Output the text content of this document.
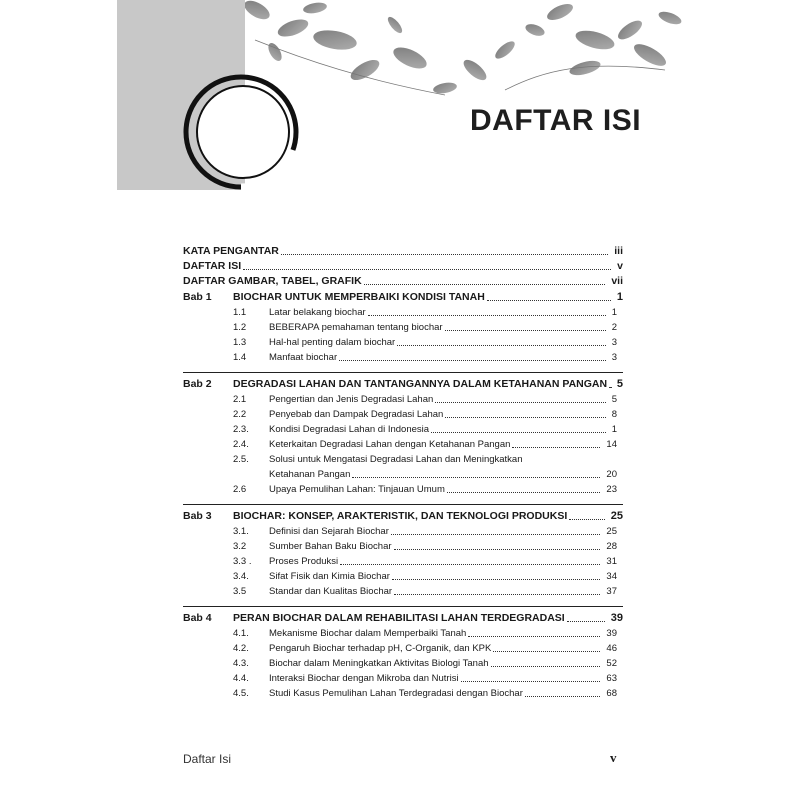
DAFTAR ISI
KATA PENGANTAR	iii
DAFTAR ISI	v
DAFTAR GAMBAR, TABEL, GRAFIK	vii
Bab 1 BIOCHAR UNTUK MEMPERBAIKI KONDISI TANAH	1
1.1 Latar belakang biochar	1
1.2 BEBERAPA pemahaman tentang biochar	2
1.3 Hal-hal penting dalam biochar	3
1.4 Manfaat biochar	3
Bab 2 DEGRADASI LAHAN DAN TANTANGANNYA DALAM KETAHANAN PANGAN 5
2.1 Pengertian dan Jenis Degradasi Lahan	5
2.2 Penyebab dan Dampak Degradasi Lahan	8
2.3. Kondisi Degradasi Lahan di Indonesia	1
2.4. Keterkaitan Degradasi Lahan dengan Ketahanan Pangan	14
2.5. Solusi untuk Mengatasi Degradasi Lahan dan Meningkatkan
Ketahanan Pangan	20
2.6 Upaya Pemulihan Lahan: Tinjauan Umum	23
Bab 3 BIOCHAR: KONSEP, ARAKTERISTIK, DAN TEKNOLOGI PRODUKSI	25
3.1. Definisi dan Sejarah Biochar	25
3.2 Sumber Bahan Baku Biochar	28
3.3 . Proses Produksi	31
3.4. Sifat Fisik dan Kimia Biochar	34
3.5 Standar dan Kualitas Biochar	37
Bab 4 PERAN BIOCHAR DALAM REHABILITASI LAHAN TERDEGRADASI	39
4.1. Mekanisme Biochar dalam Memperbaiki Tanah	39
4.2. Pengaruh Biochar terhadap pH, C-Organik, dan KPK	46
4.3. Biochar dalam Meningkatkan Aktivitas Biologi Tanah	52
4.4. Interaksi Biochar dengan Mikroba dan Nutrisi	63
4.5. Studi Kasus Pemulihan Lahan Terdegradasi dengan Biochar	68
Daftar Isi	v
